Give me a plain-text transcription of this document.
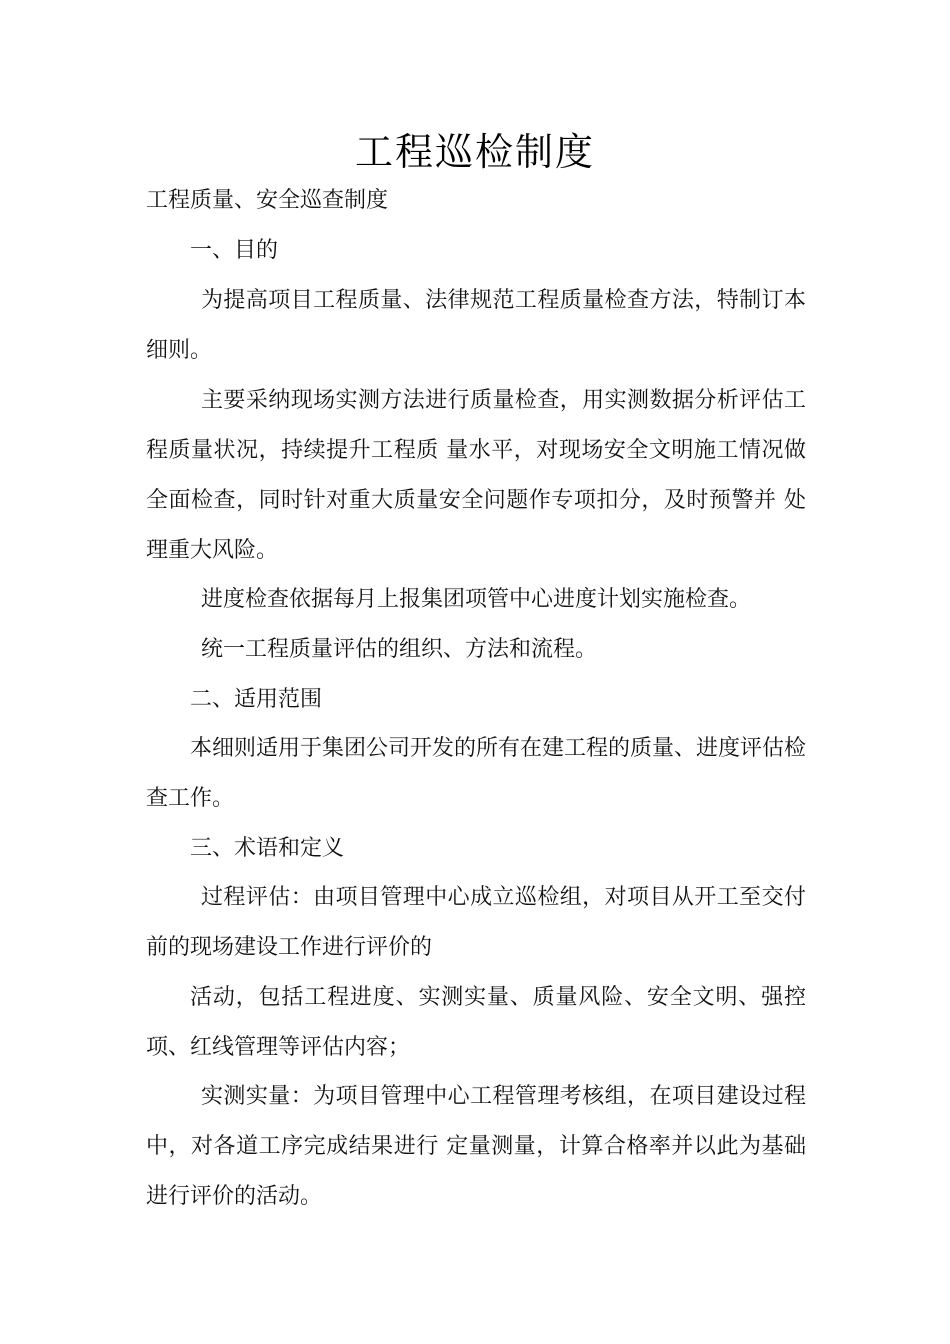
工程巡检制度
工程质量、安全巡查制度
一、目的
为提高项目工程质量、法律规范工程质量检查方法，特制订本细则。
主要采纳现场实测方法进行质量检查，用实测数据分析评估工程质量状况，持续提升工程质 量水平，对现场安全文明施工情况做全面检查，同时针对重大质量安全问题作专项扣分，及时预警并 处理重大风险。
进度检查依据每月上报集团项管中心进度计划实施检查。
统一工程质量评估的组织、方法和流程。
二、适用范围
本细则适用于集团公司开发的所有在建工程的质量、进度评估检查工作。
三、术语和定义
过程评估：由项目管理中心成立巡检组，对项目从开工至交付前的现场建设工作进行评价的
活动，包括工程进度、实测实量、质量风险、安全文明、强控项、红线管理等评估内容；
实测实量：为项目管理中心工程管理考核组，在项目建设过程中，对各道工序完成结果进行 定量测量，计算合格率并以此为基础进行评价的活动。
